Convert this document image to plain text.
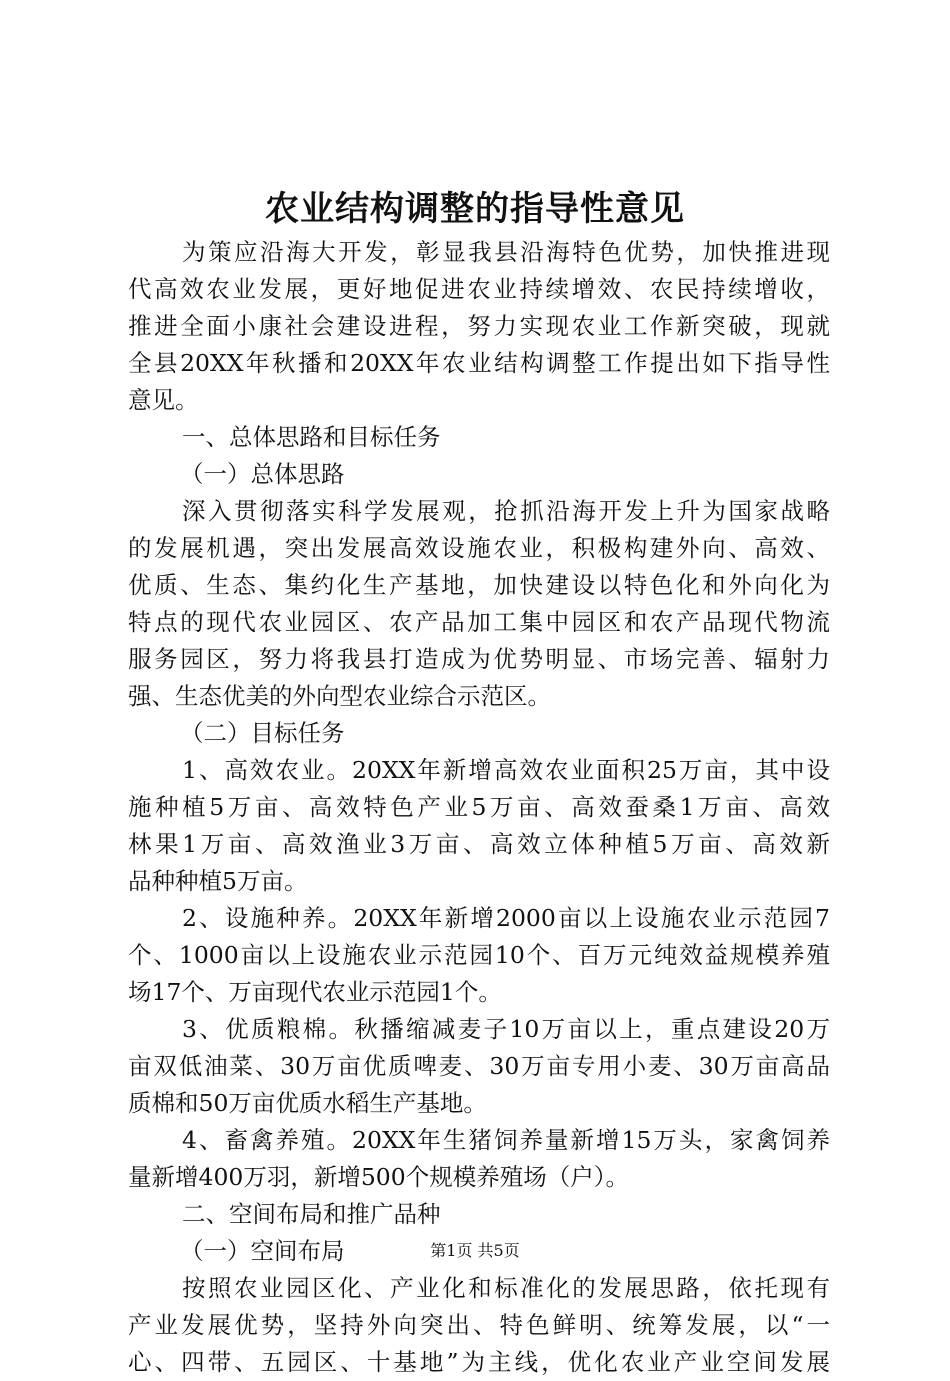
农业结构调整的指导性意见
为策应沿海大开发，彰显我县沿海特色优势，加快推进现
代高效农业发展，更好地促进农业持续增效、农民持续增收，
推进全面小康社会建设进程，努力实现农业工作新突破，现就
全县20XX年秋播和20XX年农业结构调整工作提出如下指导性
意见。
一、总体思路和目标任务
（一）总体思路
深入贯彻落实科学发展观，抢抓沿海开发上升为国家战略
的发展机遇，突出发展高效设施农业，积极构建外向、高效、
优质、生态、集约化生产基地，加快建设以特色化和外向化为
特点的现代农业园区、农产品加工集中园区和农产品现代物流
服务园区，努力将我县打造成为优势明显、市场完善、辐射力
强、生态优美的外向型农业综合示范区。
（二）目标任务
1、高效农业。20XX年新增高效农业面积25万亩，其中设
施种植5万亩、高效特色产业5万亩、高效蚕桑1万亩、高效
林果1万亩、高效渔业3万亩、高效立体种植5万亩、高效新
品种种植5万亩。
2、设施种养。20XX年新增2000亩以上设施农业示范园7
个、1000亩以上设施农业示范园10个、百万元纯效益规模养殖
场17个、万亩现代农业示范园1个。
3、优质粮棉。秋播缩减麦子10万亩以上，重点建设20万
亩双低油菜、30万亩优质啤麦、30万亩专用小麦、30万亩高品
质棉和50万亩优质水稻生产基地。
4、畜禽养殖。20XX年生猪饲养量新增15万头，家禽饲养
量新增400万羽，新增500个规模养殖场（户）。
二、空间布局和推广品种
（一）空间布局
按照农业园区化、产业化和标准化的发展思路，依托现有
产业发展优势，坚持外向突出、特色鲜明、统筹发展，以“一
心、四带、五园区、十基地”为主线，优化农业产业空间发展
第1页 共5页
